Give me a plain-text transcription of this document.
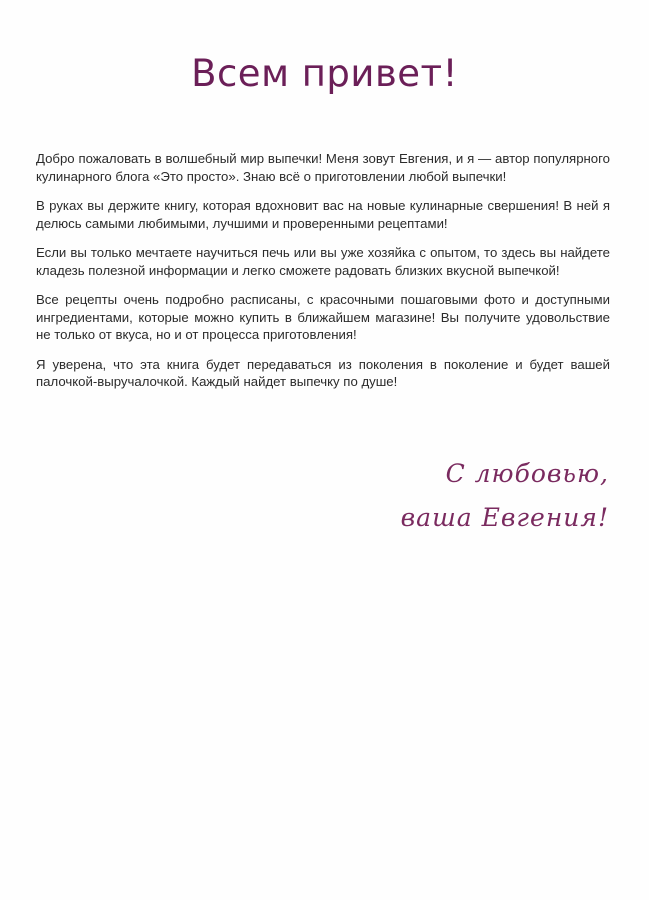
Всем привет!

Добро пожаловать в волшебный мир выпечки! Меня зовут Евгения, и я — автор популярного кулинарного блога «Это просто». Знаю всё о приготовлении любой выпечки!

В руках вы держите книгу, которая вдохновит вас на новые кулинарные свершения! В ней я делюсь самыми любимыми, лучшими и проверенными рецептами!

Если вы только мечтаете научиться печь или вы уже хозяйка с опытом, то здесь вы найдете кладезь полезной информации и легко сможете радовать близких вкусной выпечкой!

Все рецепты очень подробно расписаны, с красочными пошаговыми фото и доступными ингредиентами, которые можно купить в ближайшем магазине! Вы получите удовольствие не только от вкуса, но и от процесса приготовления!

Я уверена, что эта книга будет передаваться из поколения в поколение и будет вашей палочкой-выручалочкой. Каждый найдет выпечку по душе!

С любовью,
ваша Евгения!
